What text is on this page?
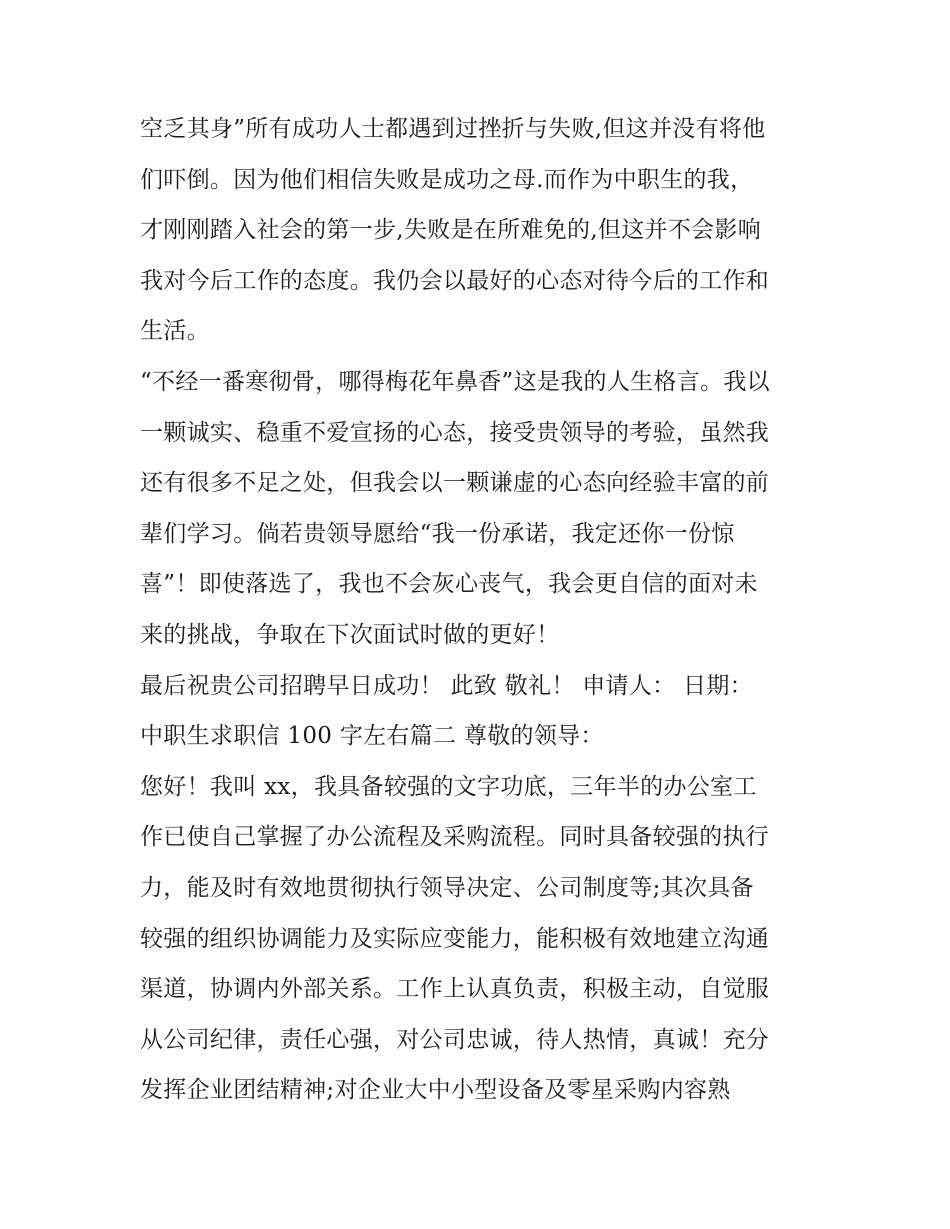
空乏其身”所有成功人士都遇到过挫折与失败,但这并没有将他
们吓倒。因为他们相信失败是成功之母.而作为中职生的我，
才刚刚踏入社会的第一步,失败是在所难免的,但这并不会影响
我对今后工作的态度。我仍会以最好的心态对待今后的工作和
生活。
“不经一番寒彻骨，哪得梅花年鼻香”这是我的人生格言。我以
一颗诚实、稳重不爱宣扬的心态，接受贵领导的考验，虽然我
还有很多不足之处，但我会以一颗谦虚的心态向经验丰富的前
辈们学习。倘若贵领导愿给“我一份承诺，我定还你一份惊
喜”！即使落选了，我也不会灰心丧气，我会更自信的面对未
来的挑战，争取在下次面试时做的更好！
最后祝贵公司招聘早日成功！ 此致 敬礼！ 申请人： 日期：
中职生求职信 100 字左右篇二 尊敬的领导：
您好！我叫 xx，我具备较强的文字功底，三年半的办公室工
作已使自己掌握了办公流程及采购流程。同时具备较强的执行
力，能及时有效地贯彻执行领导决定、公司制度等;其次具备
较强的组织协调能力及实际应变能力，能积极有效地建立沟通
渠道，协调内外部关系。工作上认真负责，积极主动，自觉服
从公司纪律，责任心强，对公司忠诚，待人热情，真诚！充分
发挥企业团结精神;对企业大中小型设备及零星采购内容熟
